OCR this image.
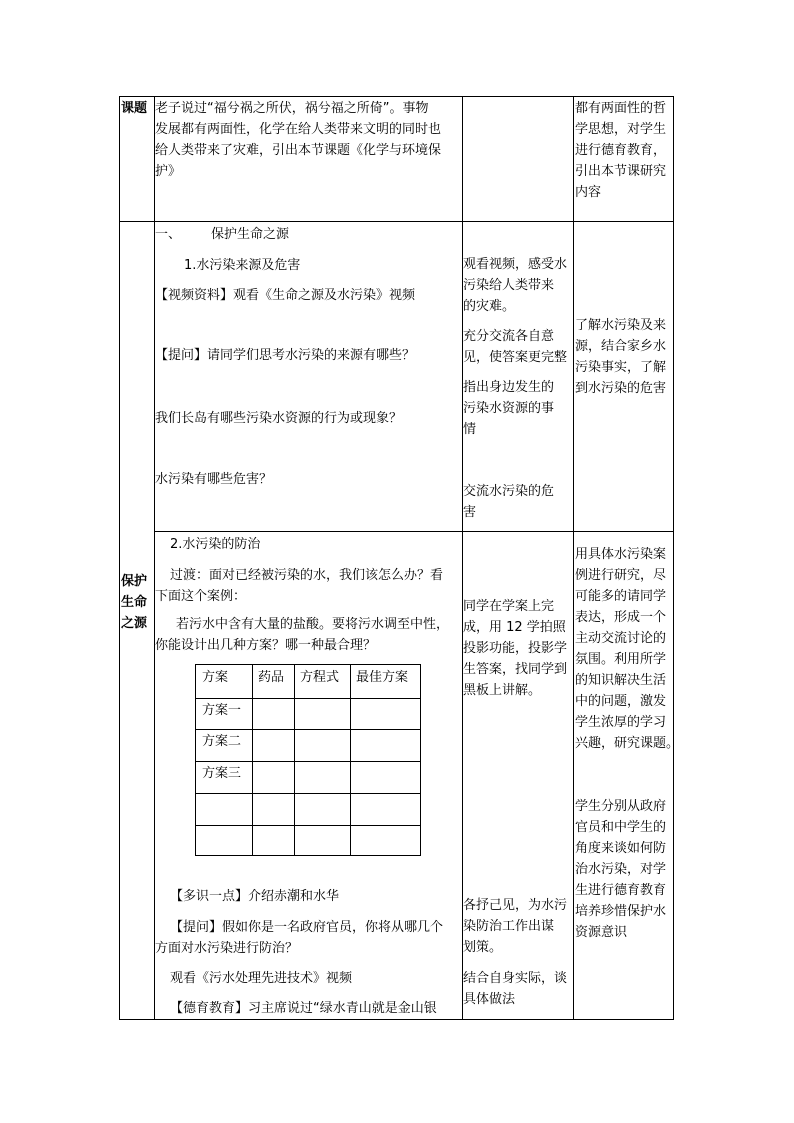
课题 老子说过“福兮祸之所伏，祸兮福之所倚”。事物
发展都有两面性，化学在给人类带来文明的同时也
给人类带来了灾难，引出本节课题《化学与环境保
护》
都有两面性的哲
学思想，对学生
进行德育教育，
引出本节课研究
内容
保护
生命
之源
一、 保护生命之源
1.水污染来源及危害
【视频资料】观看《生命之源及水污染》视频
【提问】请同学们思考水污染的来源有哪些？
我们长岛有哪些污染水资源的行为或现象？
水污染有哪些危害？
观看视频，感受水
污染给人类带来
的灾难。
充分交流各自意
见，使答案更完整
指出身边发生的
污染水资源的事
情
交流水污染的危
害
了解水污染及来
源，结合家乡水
污染事实，了解
到水污染的危害
2.水污染的防治
过渡：面对已经被污染的水，我们该怎么办？看
下面这个案例：
若污水中含有大量的盐酸。要将污水调至中性，
你能设计出几种方案？哪一种最合理？
方案 药品 方程式 最佳方案
方案一
方案二
方案三
【多识一点】介绍赤潮和水华
【提问】假如你是一名政府官员，你将从哪几个
方面对水污染进行防治？
观看《污水处理先进技术》视频
【德育教育】习主席说过“绿水青山就是金山银
同学在学案上完
成，用 12 学拍照
投影功能，投影学
生答案，找同学到
黑板上讲解。
各抒己见，为水污
染防治工作出谋
划策。
结合自身实际，谈
具体做法
用具体水污染案
例进行研究，尽
可能多的请同学
表达，形成一个
主动交流讨论的
氛围。利用所学
的知识解决生活
中的问题，激发
学生浓厚的学习
兴趣，研究课题。
学生分别从政府
官员和中学生的
角度来谈如何防
治水污染，对学
生进行德育教育
培养珍惜保护水
资源意识
